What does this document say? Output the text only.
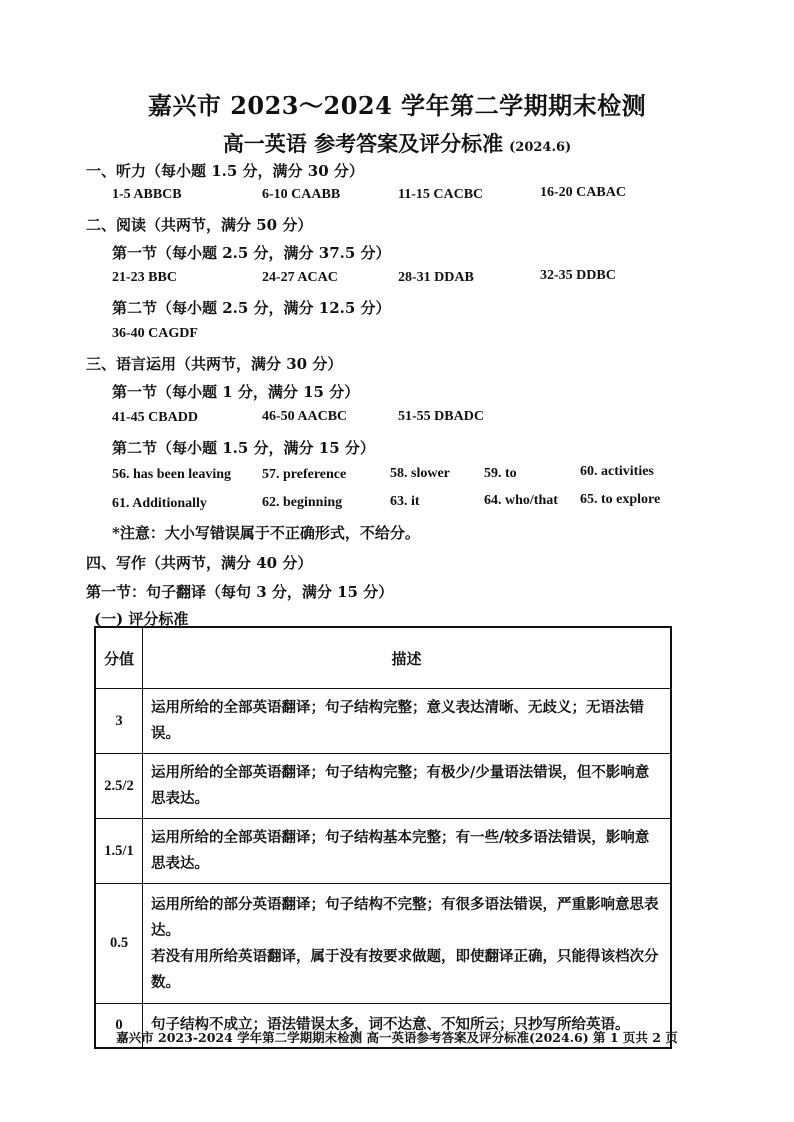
嘉兴市 2023～2024 学年第二学期期末检测
高一英语 参考答案及评分标准 (2024.6)
一、听力（每小题 1.5 分，满分 30 分）
1-5 ABBCB	6-10 CAABB	11-15 CACBC	16-20 CABAC
二、阅读（共两节，满分 50 分）
第一节（每小题 2.5 分，满分 37.5 分）
21-23 BBC	24-27 ACAC	28-31 DDAB	32-35 DDBC
第二节（每小题 2.5 分，满分 12.5 分）
36-40 CAGDF
三、语言运用（共两节，满分 30 分）
第一节（每小题 1 分，满分 15 分）
41-45 CBADD	46-50 AACBC	51-55 DBADC
第二节（每小题 1.5 分，满分 15 分）
56. has been leaving 57. preference	58. slower 59. to	60. activities
61. Additionally	62. beginning	63. it	64. who/that 65. to explore
*注意：大小写错误属于不正确形式，不给分。
四、写作（共两节，满分 40 分）
第一节：句子翻译（每句 3 分，满分 15 分）
(一) 评分标准
分值	描述
3	运用所给的全部英语翻译；句子结构完整；意义表达清晰、无歧义；无语法错误。
2.5/2	运用所给的全部英语翻译；句子结构完整；有极少/少量语法错误，但不影响意思表达。
1.5/1	运用所给的全部英语翻译；句子结构基本完整；有一些/较多语法错误，影响意思表达。
0.5	运用所给的部分英语翻译；句子结构不完整；有很多语法错误，严重影响意思表达。
若没有用所给英语翻译，属于没有按要求做题，即使翻译正确，只能得该档次分数。

0	句子结构不成立；语法错误太多，词不达意、不知所云；只抄写所给英语。
嘉兴市 2023-2024 学年第二学期期末检测 高一英语参考答案及评分标准(2024.6) 第 1 页共 2 页
